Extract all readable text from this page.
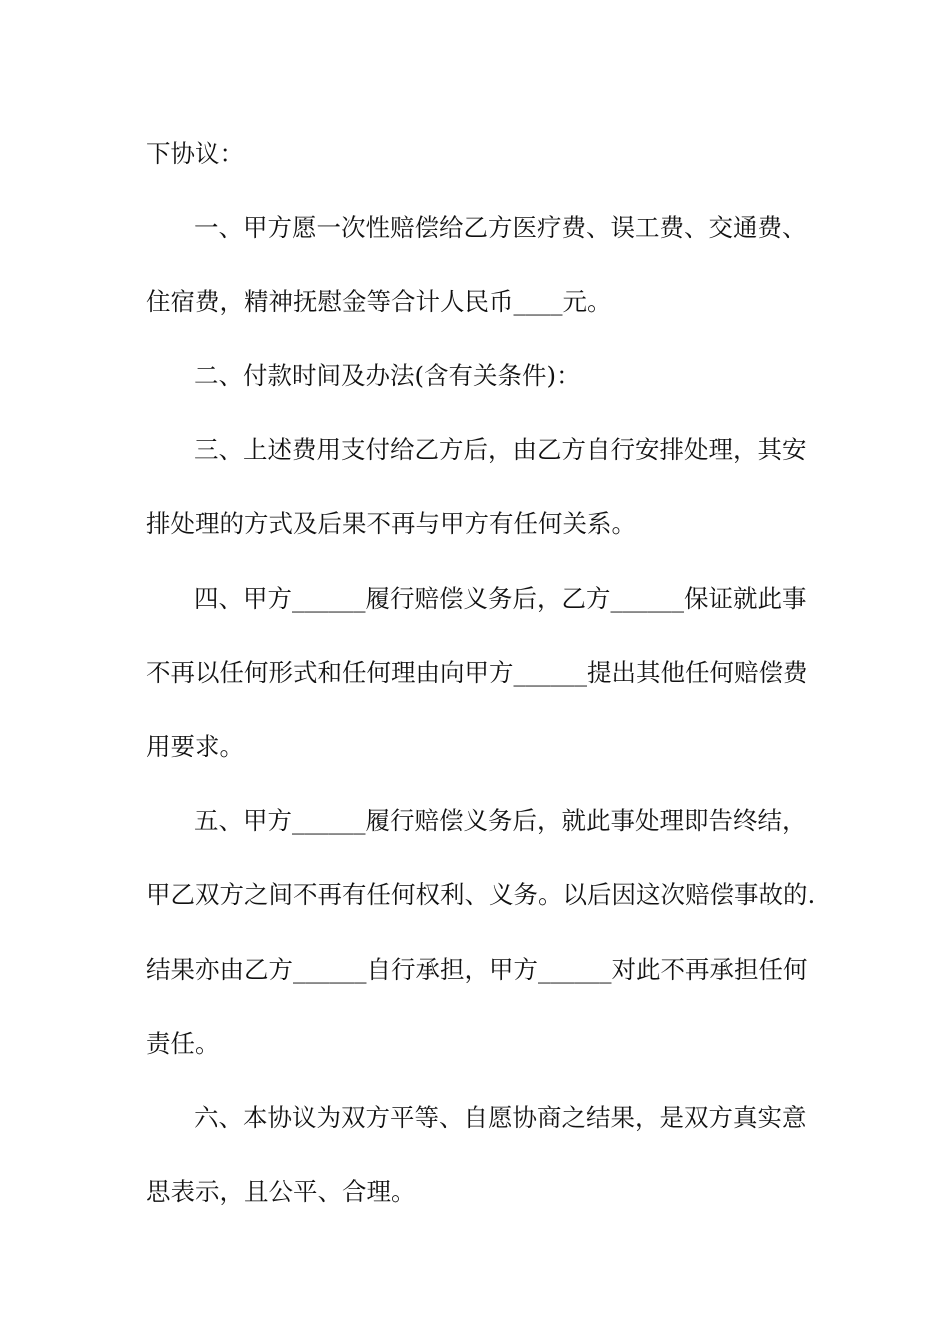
下协议：
一、甲方愿一次性赔偿给乙方医疗费、误工费、交通费、
住宿费，精神抚慰金等合计人民币____元。
二、付款时间及办法(含有关条件)：
三、上述费用支付给乙方后，由乙方自行安排处理，其安
排处理的方式及后果不再与甲方有任何关系。
四、甲方______履行赔偿义务后，乙方______保证就此事
不再以任何形式和任何理由向甲方______提出其他任何赔偿费
用要求。
五、甲方______履行赔偿义务后，就此事处理即告终结，
甲乙双方之间不再有任何权利、义务。以后因这次赔偿事故的.
结果亦由乙方______自行承担，甲方______对此不再承担任何
责任。
六、本协议为双方平等、自愿协商之结果，是双方真实意
思表示，且公平、合理。
